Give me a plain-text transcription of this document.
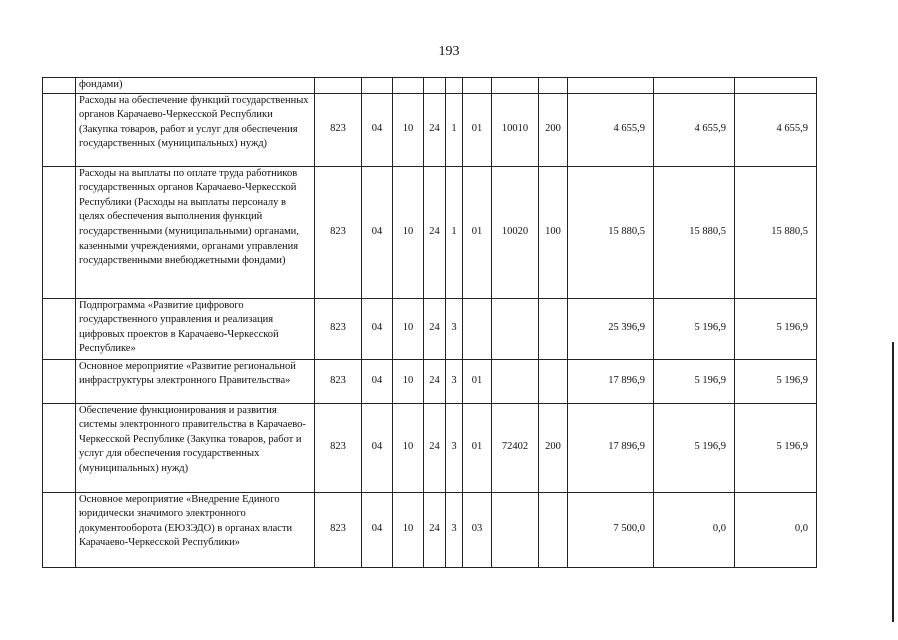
193
	фондами)											
	Расходы на обеспечение функций государственных органов Карачаево-Черкесской Республики (Закупка товаров, работ и услуг для обеспечения государственных (муниципальных) нужд)	823	04	10	24	1	01	10010	200	4 655,9	4 655,9	4 655,9
	Расходы на выплаты по оплате труда работников государственных органов Карачаево-Черкесской Республики (Расходы на выплаты персоналу в целях обеспечения выполнения функций государственными (муниципальными) органами, казенными учреждениями, органами управления государственными внебюджетными фондами)	823	04	10	24	1	01	10020	100	15 880,5	15 880,5	15 880,5
	Подпрограмма «Развитие цифрового государственного управления и реализация цифровых проектов в Карачаево-Черкесской Республике»	823	04	10	24	3				25 396,9	5 196,9	5 196,9
	Основное мероприятие «Развитие региональной инфраструктуры электронного Правительства»	823	04	10	24	3	01			17 896,9	5 196,9	5 196,9
	Обеспечение функционирования и развития системы электронного правительства в Карачаево-Черкесской Республике (Закупка товаров, работ и услуг для обеспечения государственных (муниципальных) нужд)	823	04	10	24	3	01	72402	200	17 896,9	5 196,9	5 196,9
	Основное мероприятие «Внедрение Единого юридически значимого электронного документооборота (ЕЮЗЭДО) в органах власти Карачаево-Черкесской Республики»	823	04	10	24	3	03			7 500,0	0,0	0,0
